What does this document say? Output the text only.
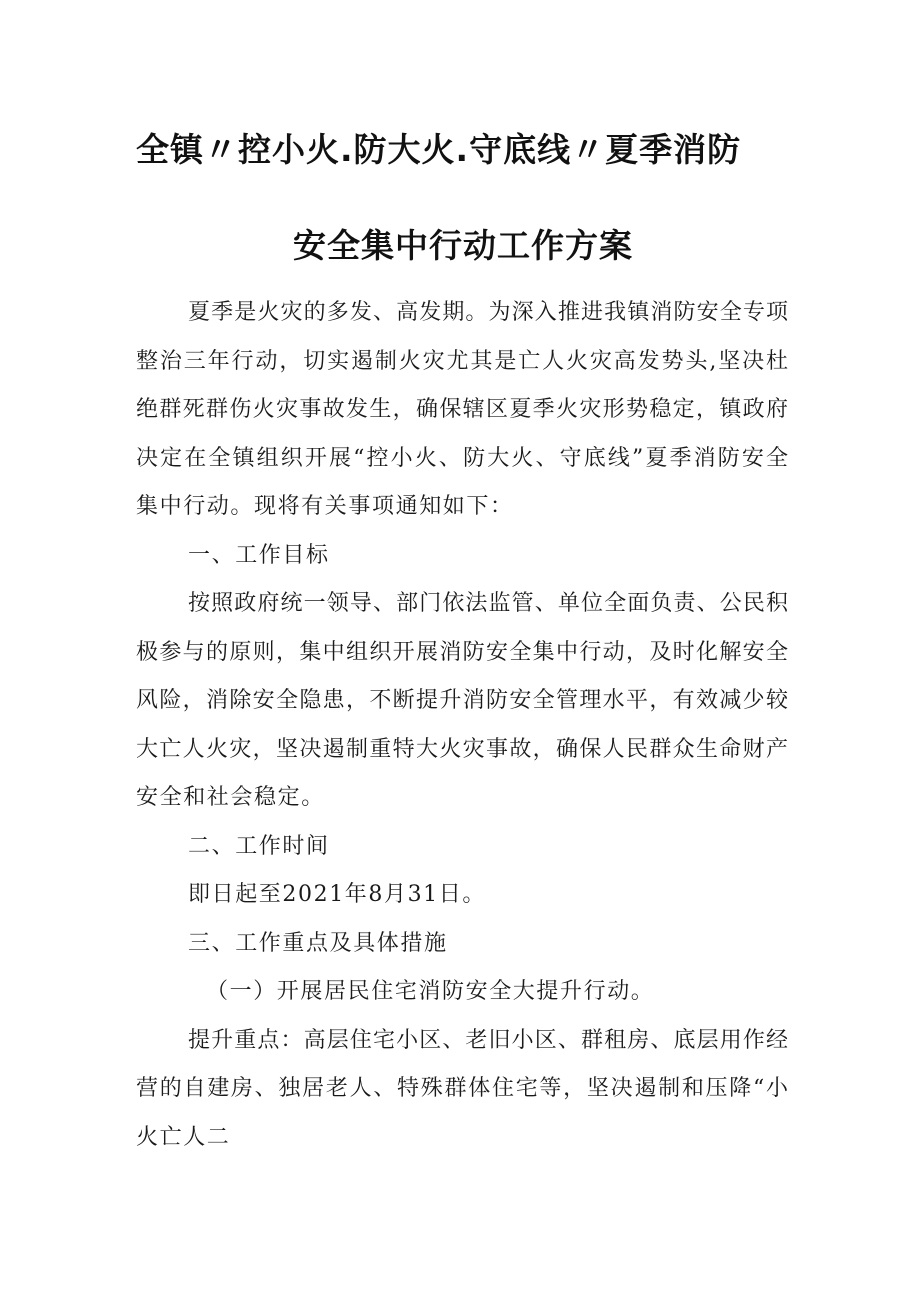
全镇〃控小火.防大火.守底线〃夏季消防
安全集中行动工作方案
夏季是火灾的多发、高发期。为深入推进我镇消防安全专项
整治三年行动，切实遏制火灾尤其是亡人火灾高发势头,坚决杜
绝群死群伤火灾事故发生，确保辖区夏季火灾形势稳定，镇政府
决定在全镇组织开展“控小火、防大火、守底线”夏季消防安全
集中行动。现将有关事项通知如下：
一、工作目标
按照政府统一领导、部门依法监管、单位全面负责、公民积
极参与的原则，集中组织开展消防安全集中行动，及时化解安全
风险，消除安全隐患，不断提升消防安全管理水平，有效减少较
大亡人火灾，坚决遏制重特大火灾事故，确保人民群众生命财产
安全和社会稳定。
二、工作时间
即日起至2021年8月31日。
三、工作重点及具体措施
（一）开展居民住宅消防安全大提升行动。
提升重点：高层住宅小区、老旧小区、群租房、底层用作经
营的自建房、独居老人、特殊群体住宅等，坚决遏制和压降“小
火亡人二
